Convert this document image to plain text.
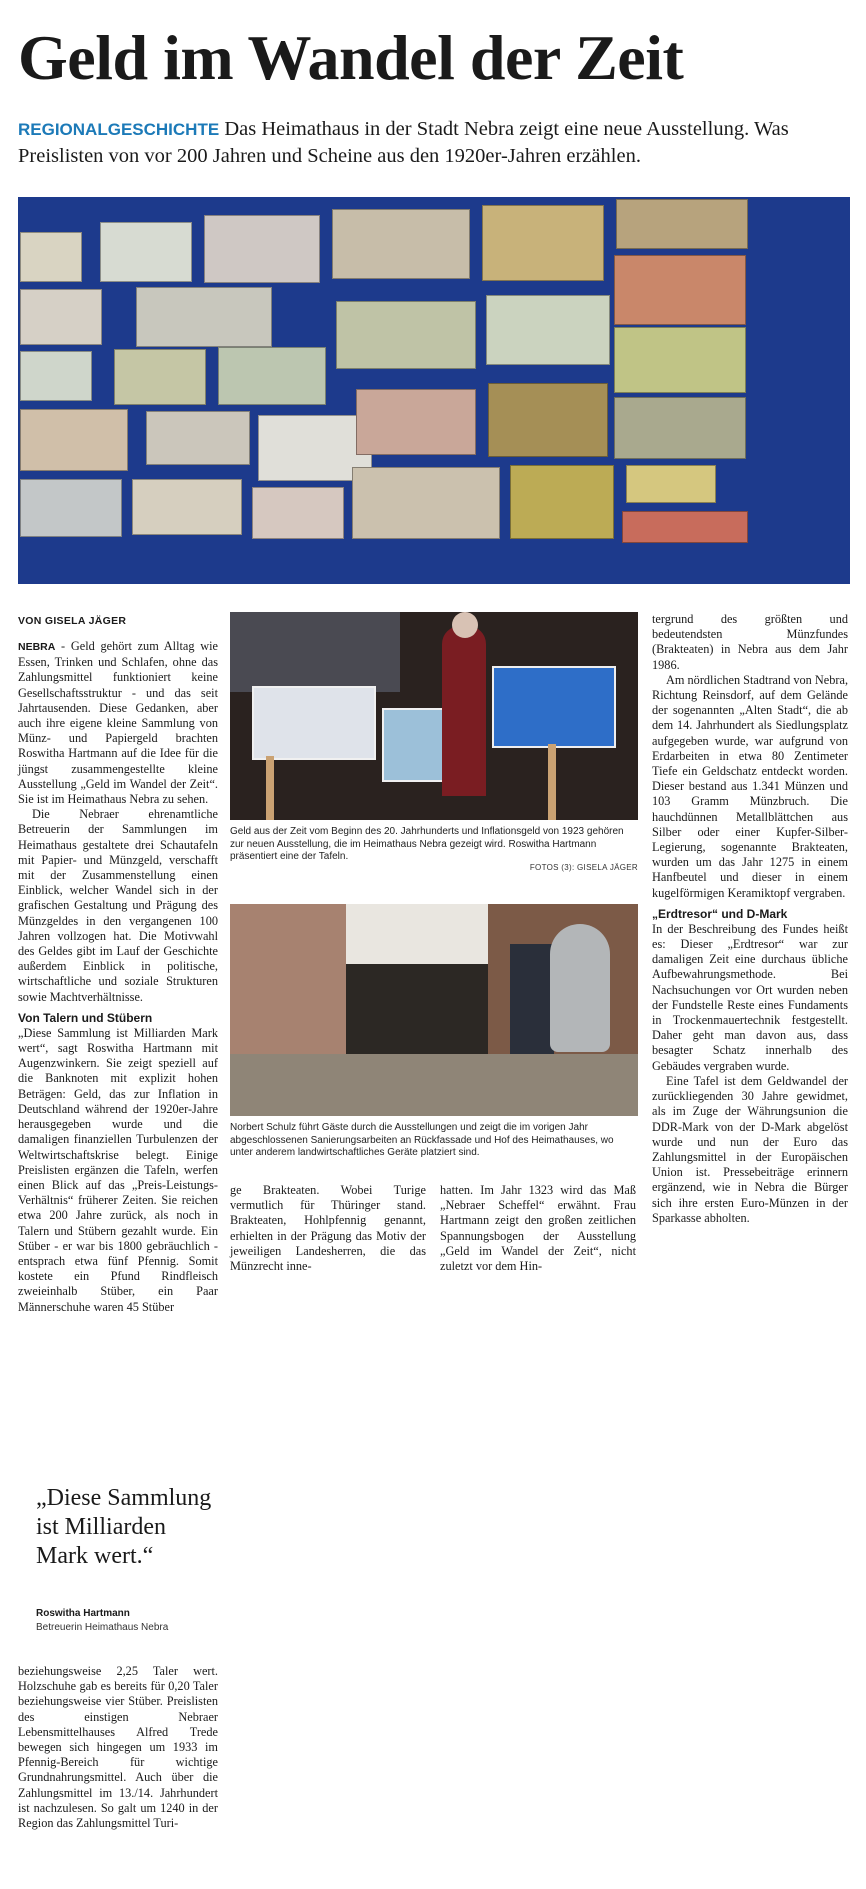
Geld im Wandel der Zeit
REGIONALGESCHICHTE Das Heimathaus in der Stadt Nebra zeigt eine neue Ausstellung. Was Preislisten von vor 200 Jahren und Scheine aus den 1920er-Jahren erzählen.
VON GISELA JÄGER

NEBRA - Geld gehört zum Alltag wie Essen, Trinken und Schlafen, ohne das Zahlungsmittel funktioniert keine Gesellschaftsstruktur - und das seit Jahrtausenden. Diese Gedanken, aber auch ihre eigene kleine Sammlung von Münz- und Papiergeld brachten Roswitha Hartmann auf die Idee für die jüngst zusammengestellte kleine Ausstellung „Geld im Wandel der Zeit“. Sie ist im Heimathaus Nebra zu sehen.

Die Nebraer ehrenamtliche Betreuerin der Sammlungen im Heimathaus gestaltete drei Schautafeln mit Papier- und Münzgeld, verschafft mit der Zusammenstellung einen Einblick, welcher Wandel sich in der grafischen Gestaltung und Prägung des Münzgeldes in den vergangenen 100 Jahren vollzogen hat. Die Motivwahl des Geldes gibt im Lauf der Geschichte außerdem Einblick in politische, wirtschaftliche und soziale Strukturen sowie Machtverhältnisse.

Von Talern und Stübern

„Diese Sammlung ist Milliarden Mark wert“, sagt Roswitha Hartmann mit Augenzwinkern. Sie zeigt speziell auf die Banknoten mit explizit hohen Beträgen: Geld, das zur Inflation in Deutschland während der 1920er-Jahre herausgegeben wurde und die damaligen finanziellen Turbulenzen der Weltwirtschaftskrise belegt. Einige Preislisten ergänzen die Tafeln, werfen einen Blick auf das „Preis-Leistungs-Verhältnis“ früherer Zeiten. Sie reichen etwa 200 Jahre zurück, als noch in Talern und Stübern gezahlt wurde. Ein Stüber - er war bis 1800 gebräuchlich - entsprach etwa fünf Pfennig. Somit kostete ein Pfund Rindfleisch zweieinhalb Stüber, ein Paar Männerschuhe waren 45 Stüber

„Diese Sammlung ist Milliarden Mark wert.“
Roswitha Hartmann
Betreuerin Heimathaus Nebra

beziehungsweise 2,25 Taler wert. Holzschuhe gab es bereits für 0,20 Taler beziehungsweise vier Stüber. Preislisten des einstigen Nebraer Lebensmittelhauses Alfred Trede bewegen sich hingegen um 1933 im Pfennig-Bereich für wichtige Grundnahrungsmittel. Auch über die Zahlungsmittel im 13./14. Jahrhundert ist nachzulesen. So galt um 1240 in der Region das Zahlungsmittel Turi-

Geld aus der Zeit vom Beginn des 20. Jahrhunderts und Inflationsgeld von 1923 gehören zur neuen Ausstellung, die im Heimathaus Nebra gezeigt wird. Roswitha Hartmann präsentiert eine der Tafeln.
FOTOS (3): GISELA JÄGER
Norbert Schulz führt Gäste durch die Ausstellungen und zeigt die im vorigen Jahr abgeschlossenen Sanierungsarbeiten an Rückfassade und Hof des Heimathauses, wo unter anderem landwirtschaftliches Geräte platziert sind.

ge Brakteaten. Wobei Turige vermutlich für Thüringer stand. Brakteaten, Hohlpfennig genannt, erhielten in der Prägung das Motiv der jeweiligen Landesherren, die das Münzrecht inne-

hatten. Im Jahr 1323 wird das Maß „Nebraer Scheffel“ erwähnt. Frau Hartmann zeigt den großen zeitlichen Spannungsbogen der Ausstellung „Geld im Wandel der Zeit“, nicht zuletzt vor dem Hin-

tergrund des größten und bedeutendsten Münzfundes (Brakteaten) in Nebra aus dem Jahr 1986.

Am nördlichen Stadtrand von Nebra, Richtung Reinsdorf, auf dem Gelände der sogenannten „Alten Stadt“, die ab dem 14. Jahrhundert als Siedlungsplatz aufgegeben wurde, war aufgrund von Erdarbeiten in etwa 80 Zentimeter Tiefe ein Geldschatz entdeckt worden. Dieser bestand aus 1.341 Münzen und 103 Gramm Münzbruch. Die hauchdünnen Metallblättchen aus Silber oder einer Kupfer-Silber-Legierung, sogenannte Brakteaten, wurden um das Jahr 1275 in einem Hanfbeutel und dieser in einem kugelförmigen Keramiktopf vergraben.

„Erdtresor“ und D-Mark

In der Beschreibung des Fundes heißt es: Dieser „Erdtresor“ war zur damaligen Zeit eine durchaus übliche Aufbewahrungsmethode. Bei Nachsuchungen vor Ort wurden neben der Fundstelle Reste eines Fundaments in Trockenmauertechnik festgestellt. Daher geht man davon aus, dass besagter Schatz innerhalb des Gebäudes vergraben wurde.

Eine Tafel ist dem Geldwandel der zurückliegenden 30 Jahre gewidmet, als im Zuge der Währungsunion die DDR-Mark von der D-Mark abgelöst wurde und nun der Euro das Zahlungsmittel in der Europäischen Union ist. Pressebeiträge erinnern ergänzend, wie in Nebra die Bürger sich ihre ersten Euro-Münzen in der Sparkasse abholten.
